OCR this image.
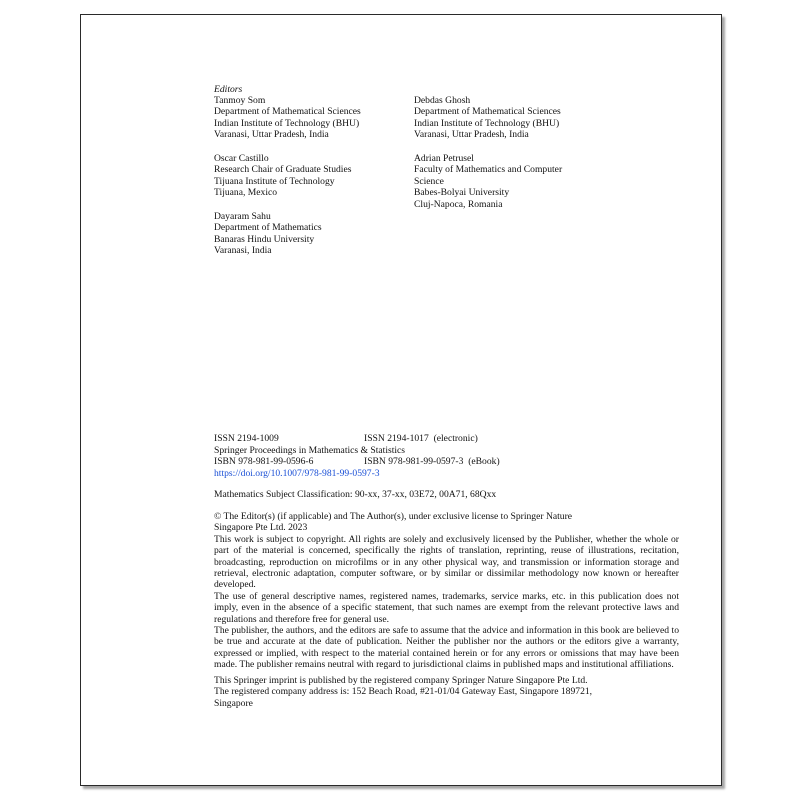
Editors

Tanmoy Som

Department of Mathematical Sciences

Indian Institute of Technology (BHU)

Varanasi, Uttar Pradesh, India

Debdas Ghosh

Department of Mathematical Sciences

Indian Institute of Technology (BHU)

Varanasi, Uttar Pradesh, India

Oscar Castillo

Research Chair of Graduate Studies

Tijuana Institute of Technology

Tijuana, Mexico

Adrian Petrusel

Faculty of Mathematics and Computer

Science

Babes-Bolyai University

Cluj-Napoca, Romania

Dayaram Sahu

Department of Mathematics

Banaras Hindu University

Varanasi, India

ISSN 2194-1009	ISSN 2194-1017 (electronic)
Springer Proceedings in Mathematics & Statistics
ISBN 978-981-99-0596-6	ISBN 978-981-99-0597-3 (eBook)
https://doi.org/10.1007/978-981-99-0597-3
Mathematics Subject Classification: 90-xx, 37-xx, 03E72, 00A71, 68Qxx

© The Editor(s) (if applicable) and The Author(s), under exclusive license to Springer Nature

Singapore Pte Ltd. 2023

This work is subject to copyright. All rights are solely and exclusively licensed by the Publisher, whether the whole or part of the material is concerned, specifically the rights of translation, reprinting, reuse of illustrations, recitation, broadcasting, reproduction on microfilms or in any other physical way, and transmission or information storage and retrieval, electronic adaptation, computer software, or by similar or dissimilar methodology now known or hereafter developed.

The use of general descriptive names, registered names, trademarks, service marks, etc. in this publication does not imply, even in the absence of a specific statement, that such names are exempt from the relevant protective laws and regulations and therefore free for general use.

The publisher, the authors, and the editors are safe to assume that the advice and information in this book are believed to be true and accurate at the date of publication. Neither the publisher nor the authors or the editors give a warranty, expressed or implied, with respect to the material contained herein or for any errors or omissions that may have been made. The publisher remains neutral with regard to jurisdictional claims in published maps and institutional affiliations.

This Springer imprint is published by the registered company Springer Nature Singapore Pte Ltd.

The registered company address is: 152 Beach Road, #21-01/04 Gateway East, Singapore 189721,

Singapore
